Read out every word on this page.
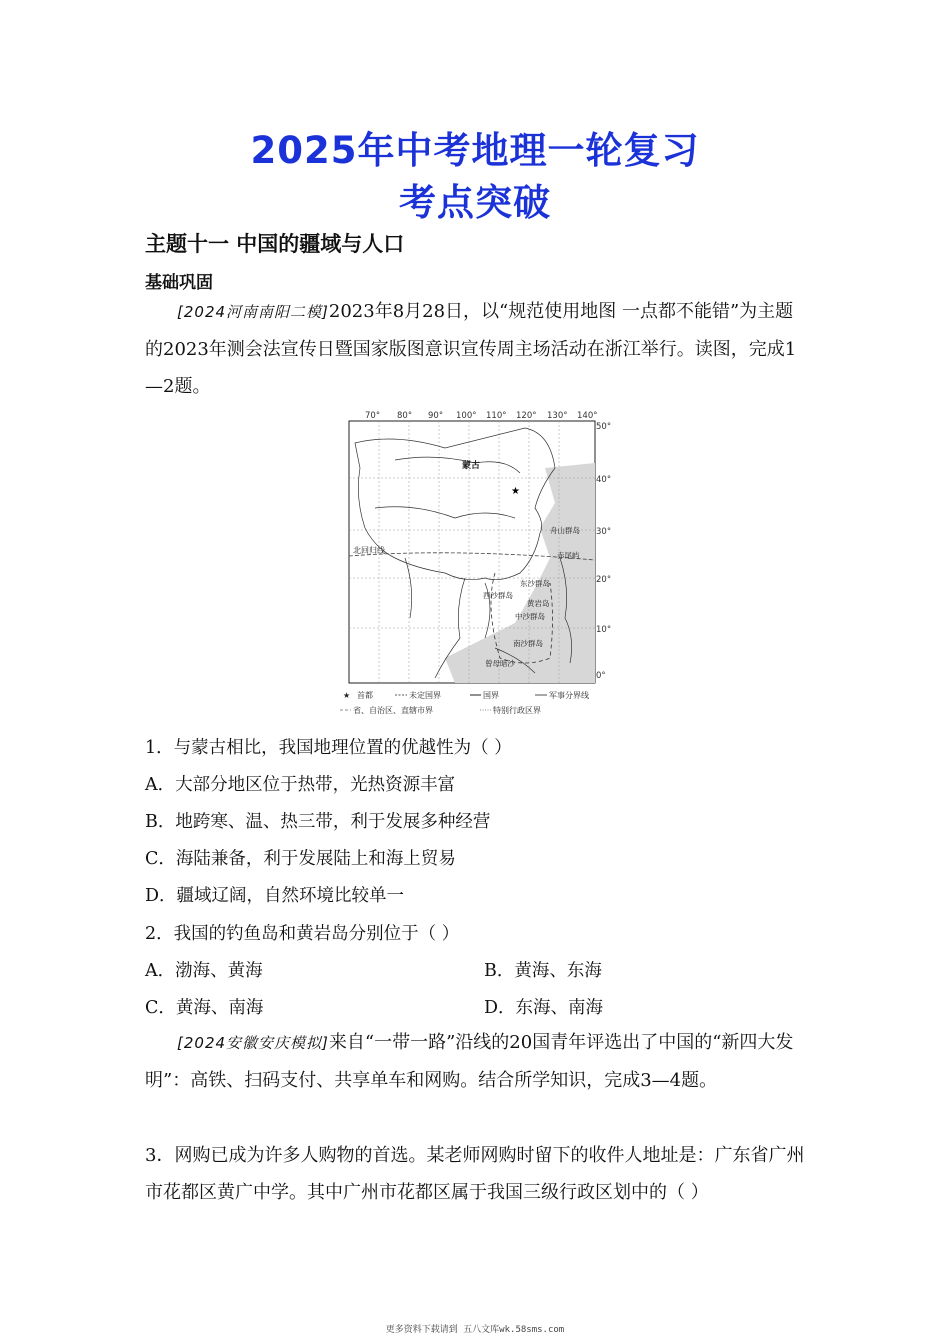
2025年中考地理一轮复习
考点突破
主题十一 中国的疆域与人口
基础巩固
[2024河南南阳二模]2023年8月28日，以“规范使用地图 一点都不能错”为主题的2023年测会法宣传日暨国家版图意识宣传周主场活动在浙江举行。读图，完成1—2题。
70° 80° 90° 100° 110° 120° 130° 140°
50°
40°
30°
20°
10°
0°
★
蒙古
北回归线
舟山群岛
赤尾屿
东沙群岛
西沙群岛
黄岩岛
中沙群岛
南沙群岛
曾母暗沙
★ 首都	未定国界	国界	军事分界线
省、自治区、直辖市界	特别行政区界
1．与蒙古相比，我国地理位置的优越性为（ ）
A．大部分地区位于热带，光热资源丰富
B．地跨寒、温、热三带，利于发展多种经营
C．海陆兼备，利于发展陆上和海上贸易
D．疆域辽阔，自然环境比较单一
2．我国的钓鱼岛和黄岩岛分别位于（ ）
A．渤海、黄海	B．黄海、东海
C．黄海、南海	D．东海、南海
[2024安徽安庆模拟]来自“一带一路”沿线的20国青年评选出了中国的“新四大发明”：高铁、扫码支付、共享单车和网购。结合所学知识，完成3—4题。
3．网购已成为许多人购物的首选。某老师网购时留下的收件人地址是：广东省广州市花都区黄广中学。其中广州市花都区属于我国三级行政区划中的（ ）
更多资料下载请到 五八文库wk.58sms.com
